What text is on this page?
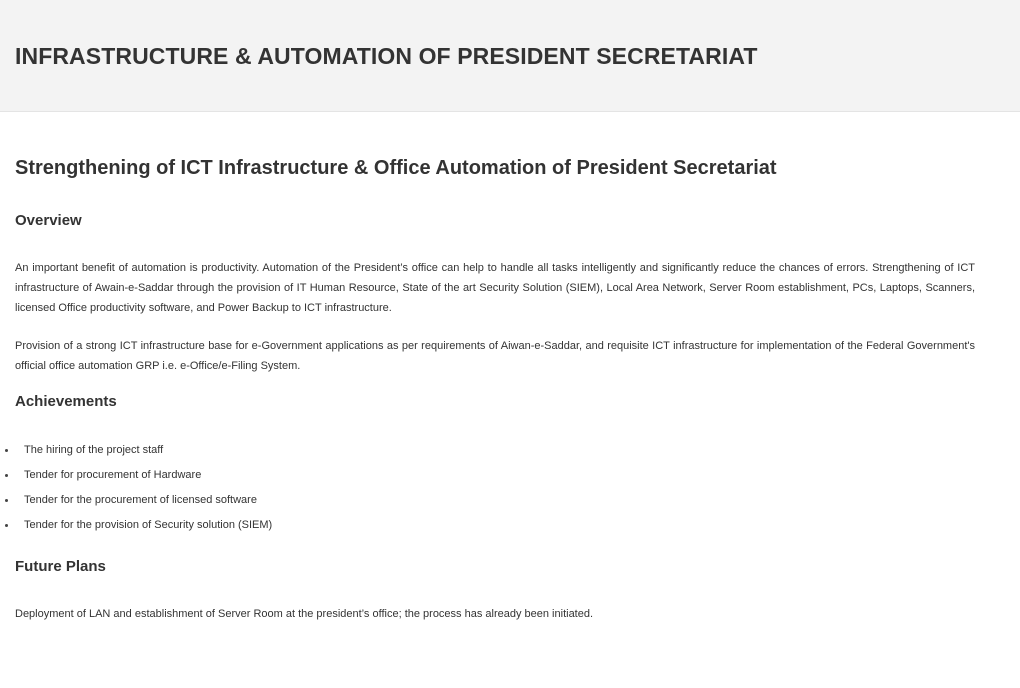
INFRASTRUCTURE & AUTOMATION OF PRESIDENT SECRETARIAT
Strengthening of ICT Infrastructure & Office Automation of President Secretariat
Overview

An important benefit of automation is productivity. Automation of the President’s office can help to handle all tasks intelligently and significantly reduce the chances of errors. Strengthening of ICT infrastructure of Awain-e-Saddar through the provision of IT Human Resource, State of the art Security Solution (SIEM), Local Area Network, Server Room establishment, PCs, Laptops, Scanners, licensed Office productivity software, and Power Backup to ICT infrastructure.

Provision of a strong ICT infrastructure base for e-Government applications as per requirements of Aiwan-e-Saddar, and requisite ICT infrastructure for implementation of the Federal Government's official office automation GRP i.e. e-Office/e-Filing System.

Achievements
The hiring of the project staff
Tender for procurement of Hardware
Tender for the procurement of licensed software
Tender for the provision of Security solution (SIEM)
Future Plans

Deployment of LAN and establishment of Server Room at the president’s office; the process has already been initiated.
